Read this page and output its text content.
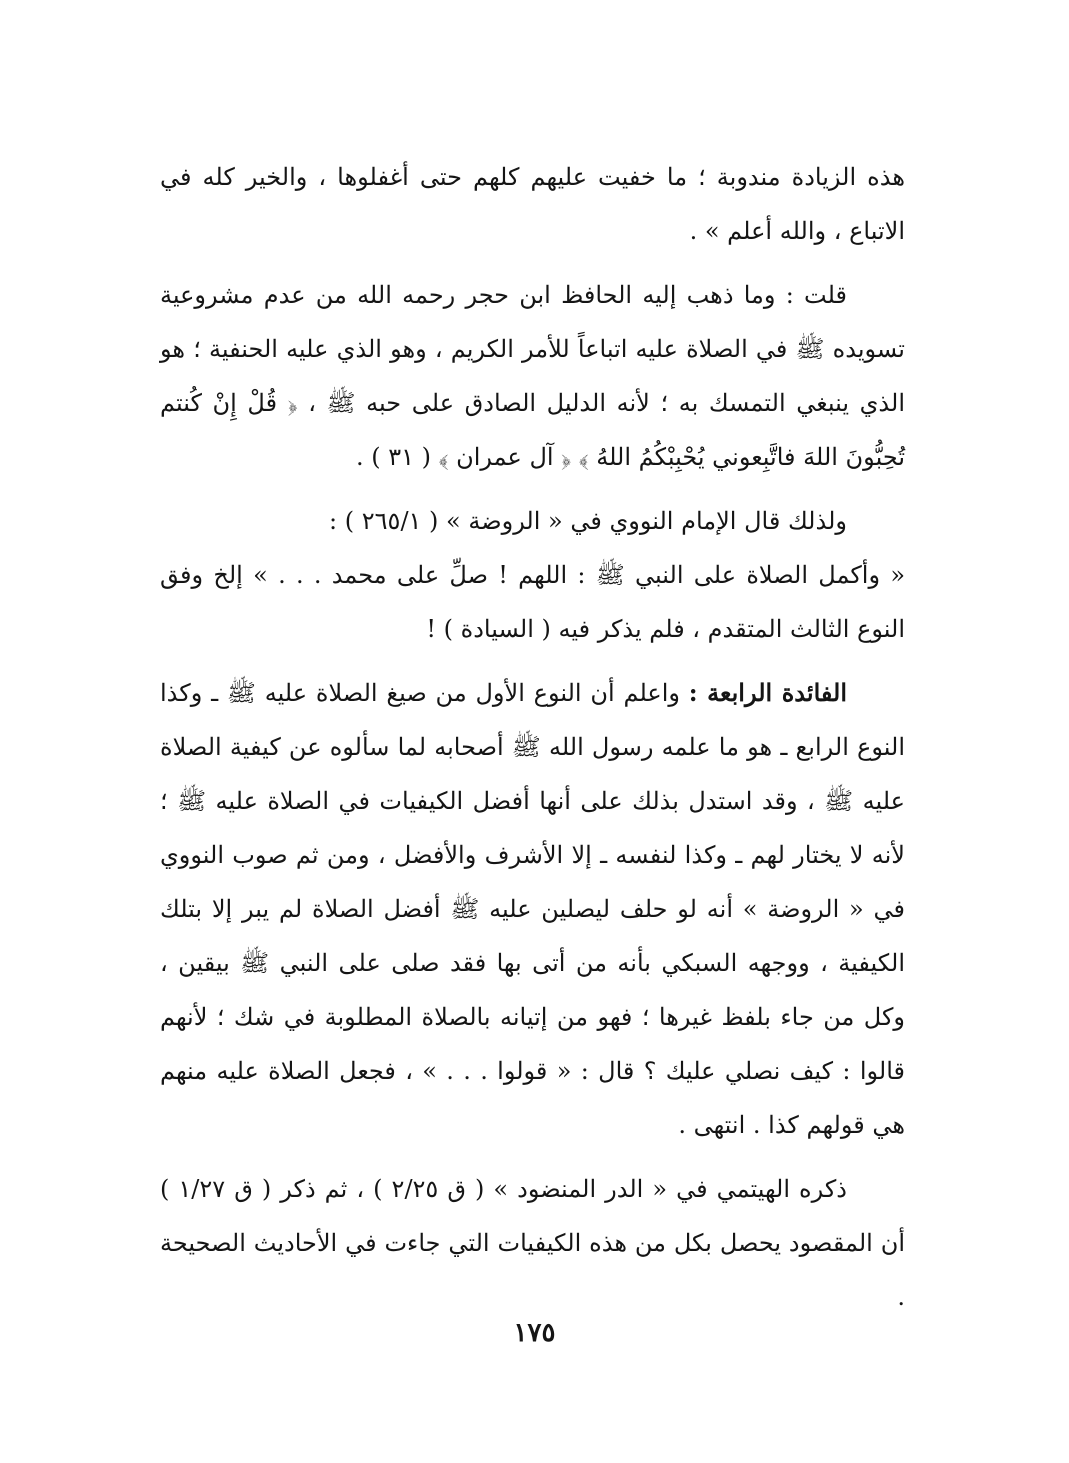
هذه الزيادة مندوبة ؛ ما خفيت عليهم كلهم حتى أغفلوها ، والخير كله في الاتباع ، والله أعلم » .

قلت : وما ذهب إليه الحافظ ابن حجر رحمه الله من عدم مشروعية تسويده ﷺ في الصلاة عليه اتباعاً للأمر الكريم ، وهو الذي عليه الحنفية ؛ هو الذي ينبغي التمسك به ؛ لأنه الدليل الصادق على حبه ﷺ ، ﴿ قُلْ إِنْ كُنتم تُحِبُّونَ اللهَ فاتَّبِعوني يُحْبِبْكُمُ اللهُ ﴾ ﴿ آل عمران ﴾ ( ٣١ ) .

ولذلك قال الإمام النووي في « الروضة » ( ٢٦٥/١ ) :

« وأكمل الصلاة على النبي ﷺ : اللهم ! صلِّ على محمد . . . » إلخ وفق النوع الثالث المتقدم ، فلم يذكر فيه ( السيادة ) !

الفائدة الرابعة : واعلم أن النوع الأول من صيغ الصلاة عليه ﷺ ـ وكذا النوع الرابع ـ هو ما علمه رسول الله ﷺ أصحابه لما سألوه عن كيفية الصلاة عليه ﷺ ، وقد استدل بذلك على أنها أفضل الكيفيات في الصلاة عليه ﷺ ؛ لأنه لا يختار لهم ـ وكذا لنفسه ـ إلا الأشرف والأفضل ، ومن ثم صوب النووي في « الروضة » أنه لو حلف ليصلين عليه ﷺ أفضل الصلاة لم يبر إلا بتلك الكيفية ، ووجهه السبكي بأنه من أتى بها فقد صلى على النبي ﷺ بيقين ، وكل من جاء بلفظ غيرها ؛ فهو من إتيانه بالصلاة المطلوبة في شك ؛ لأنهم قالوا : كيف نصلي عليك ؟ قال : « قولوا . . . » ، فجعل الصلاة عليه منهم هي قولهم كذا . انتهى .

ذكره الهيتمي في « الدر المنضود » ( ق ٢/٢٥ ) ، ثم ذكر ( ق ١/٢٧ ) أن المقصود يحصل بكل من هذه الكيفيات التي جاءت في الأحاديث الصحيحة .

١٧٥
